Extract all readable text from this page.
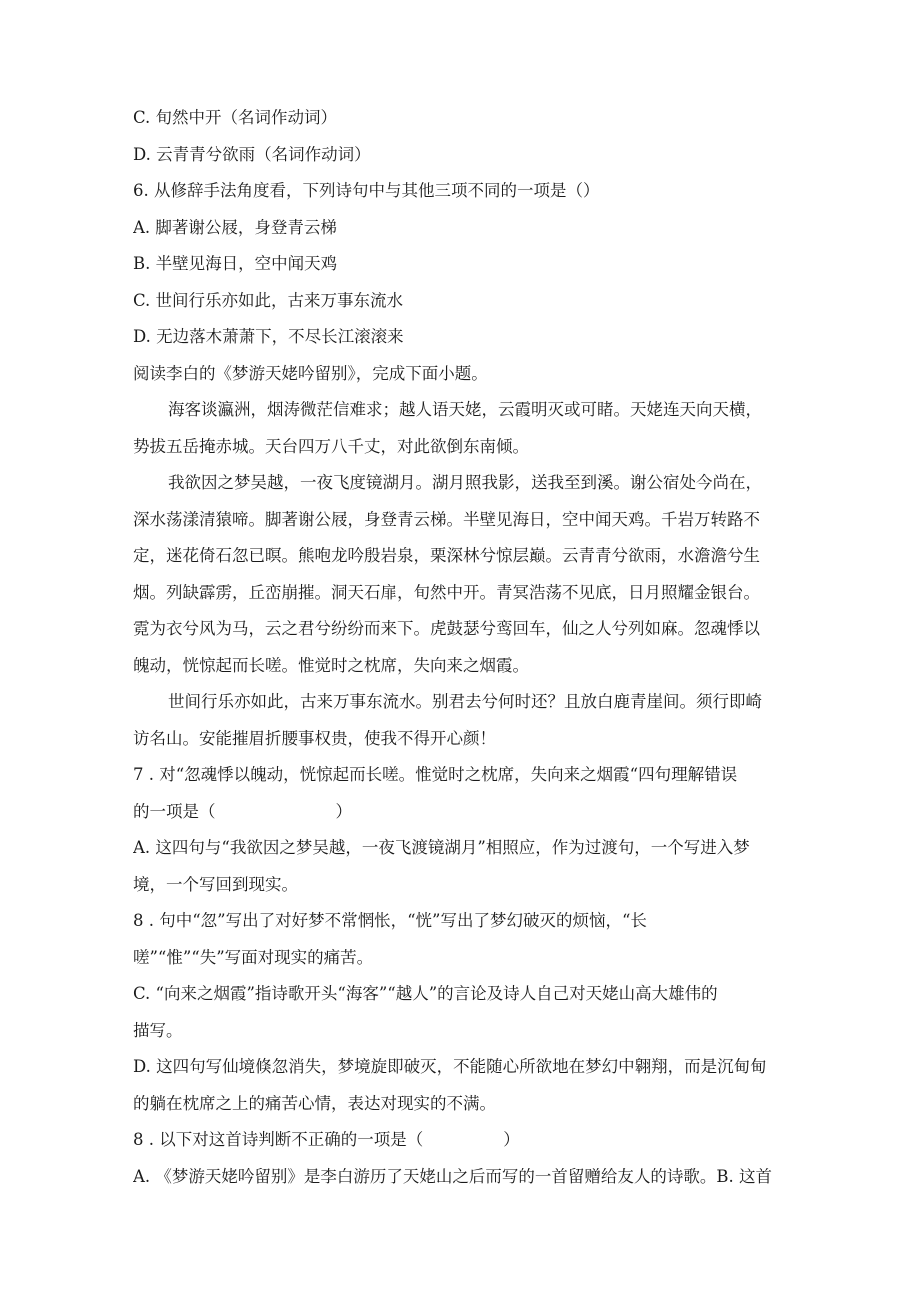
C. 旬然中开（名词作动词）
D. 云青青兮欲雨（名词作动词）
6. 从修辞手法角度看，下列诗句中与其他三项不同的一项是（）
A. 脚著谢公屐，身登青云梯
B. 半壁见海日，空中闻天鸡
C. 世间行乐亦如此，古来万事东流水
D. 无边落木萧萧下，不尽长江滚滚来
阅读李白的《梦游天姥吟留别》，完成下面小题。
海客谈瀛洲，烟涛微茫信难求；越人语天姥，云霞明灭或可睹。天姥连天向天横，
势拔五岳掩赤城。天台四万八千丈，对此欲倒东南倾。
我欲因之梦吴越，一夜飞度镜湖月。湖月照我影，送我至到溪。谢公宿处今尚在，
深水荡漾清猿啼。脚著谢公屐，身登青云梯。半壁见海日，空中闻天鸡。千岩万转路不
定，迷花倚石忽已暝。熊咆龙吟殷岩泉，栗深林兮惊层巅。云青青兮欲雨，水澹澹兮生
烟。列缺霹雳，丘峦崩摧。洞天石扉，旬然中开。青冥浩荡不见底，日月照耀金银台。
霓为衣兮风为马，云之君兮纷纷而来下。虎鼓瑟兮鸾回车，仙之人兮列如麻。忽魂悸以
魄动，恍惊起而长嗟。惟觉时之枕席，失向来之烟霞。
世间行乐亦如此，古来万事东流水。别君去兮何时还？且放白鹿青崖间。须行即崎
访名山。安能摧眉折腰事权贵，使我不得开心颜！
7 . 对“忽魂悸以魄动，恍惊起而长嗟。惟觉时之枕席，失向来之烟霞“四句理解错误
的一项是（	）
A. 这四句与“我欲因之梦吴越，一夜飞渡镜湖月”相照应，作为过渡句，一个写进入梦
境，一个写回到现实。
8 . 句中“忽”写出了对好梦不常惘怅，“恍”写出了梦幻破灭的烦恼，“长
嗟”“惟”“失”写面对现实的痛苦。
C. “向来之烟霞”指诗歌开头“海客”“越人”的言论及诗人自己对天姥山高大雄伟的
描写。
D. 这四句写仙境倏忽消失，梦境旋即破灭，不能随心所欲地在梦幻中翱翔，而是沉甸甸
的躺在枕席之上的痛苦心情，表达对现实的不满。
8 . 以下对这首诗判断不正确的一项是（	）
A. 《梦游天姥吟留别》是李白游历了天姥山之后而写的一首留赠给友人的诗歌。B. 这首
